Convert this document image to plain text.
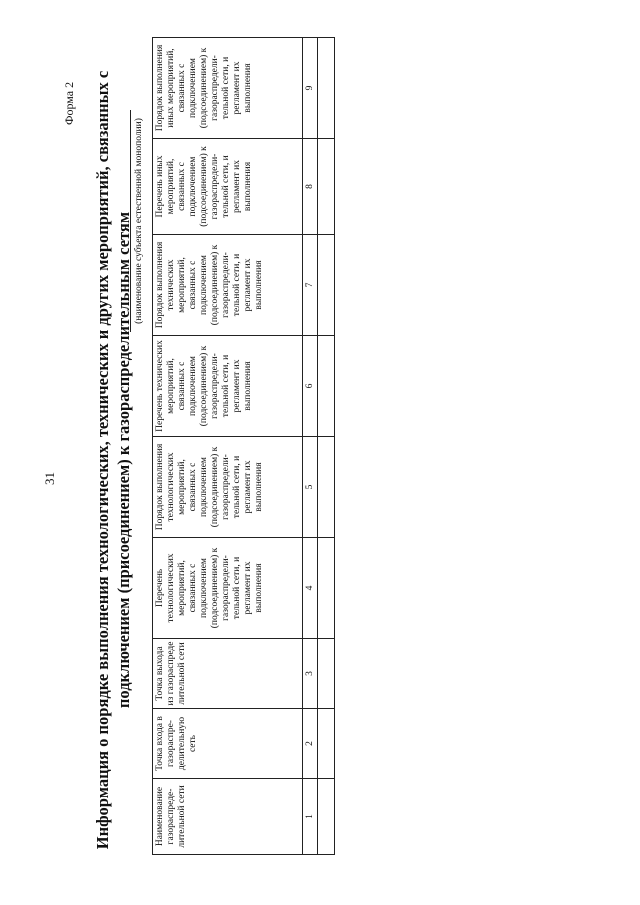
31
Форма 2 Информация о порядке выполнения технологических, технических и других мероприятий, связанных с подключением (присоединением) к газораспределительным сетям (наименование субъекта естественной монополии)
Наименование газораспреде- лительной сети	Точка входа в газораспре- делительную сеть	Точка выхода из газораспреде лительной сети	Перечень технологических мероприятий, связанных с подключением (подсоединением) к газораспредели- тельной сети, и регламент их выполнения	Порядок выполнения технологических мероприятий, связанных с подключением (подсоединением) к газораспредели- тельной сети, и регламент их выполнения	Перечень технических мероприятий, связанных с подключением (подсоединением) к газораспредели- тельной сети, и регламент их выполнения	Порядок выполнения технических мероприятий, связанных с подключением (подсоединением) к газораспредели- тельной сети, и регламент их выполнения	Перечень иных мероприятий, связанных с подключением (подсоединением) к газораспредели- тельной сети, и регламент их выполнения	Порядок выполнения иных мероприятий, связанных с подключением (подсоединением) к газораспредели- тельной сети, и регламент их выполнения
1	2	3	4	5	6	7	8	9
